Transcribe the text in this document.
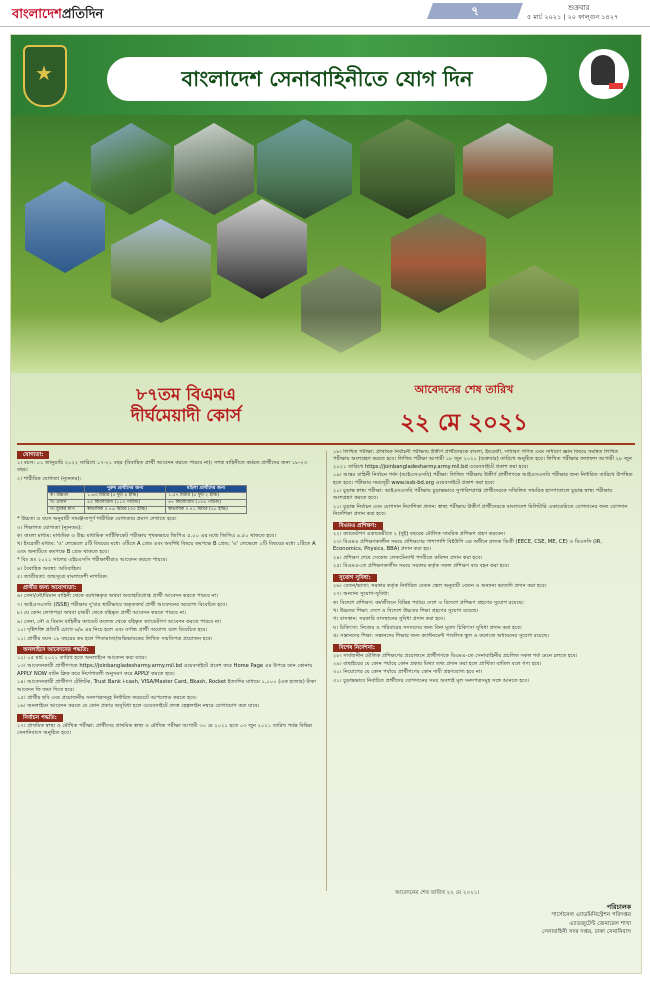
বাংলাদেশপ্রতিদিন	৭	শুক্রবার
৫ মার্চ ২০২১ | ২০ ফাল্গুন ১৪২৭
★
বাংলাদেশ সেনাবাহিনীতে যোগ দিন
৮৭তম বিএমএ
দীর্ঘমেয়াদী কোর্স
আবেদনের শেষ তারিখ
২২ মে ২০২১
যোগ্যতা:
১। বয়স: ০১ জানুয়ারি ২০২২ তারিখে ১৭-২১ বছর (বিবাহিত প্রার্থী আবেদন করতে পারবে না)। সশস্ত্র বাহিনীতে কর্মরত প্রার্থীদের জন্য ১৮-২৩ বছর।
২। শারীরিক যোগ্যতা (ন্যূনতম):
	পুরুষ প্রার্থীদের জন্য	মহিলা প্রার্থীদের জন্য
ক। উচ্চতা	১.৬৩ মিটার (৫ ফুট ৪ ইঞ্চি)	১.৫৭ মিটার (৫ ফুট ২ ইঞ্চি)
খ। ওজন	৫০ কিলোগ্রাম (১১০ পাউন্ড)	৪৭ কিলোগ্রাম (১০৪ পাউন্ড)
গ। বুকের মাপ	স্বাভাবিক ০.৭৬ মিটার (৩০ ইঞ্চি)	স্বাভাবিক ০.৭১ মিটার (২৮ ইঞ্চি)
* উচ্চতা ও বয়স অনুযায়ী সামঞ্জস্যপূর্ণ শারীরিক যোগ্যতার প্রমাণ দেখাতে হবে।
৩। শিক্ষাগত যোগ্যতা (ন্যূনতম):
ক। বাংলা মাধ্যম: মাধ্যমিক ও উচ্চ মাধ্যমিক সার্টিফিকেট পরীক্ষায় পৃথকভাবে জিপিএ ৫.০০ এর মধ্যে জিপিএ ৪.৫০ থাকতে হবে।
খ। ইংরেজী মাধ্যম: 'ও' লেভেলে ৫টি বিষয়ের মধ্যে ৩টিতে A গ্রেড এবং অবশিষ্ট বিষয়ে কমপক্ষে B গ্রেড; 'এ' লেভেলে ২টি বিষয়ের মধ্যে ১টিতে A এবং অন্যটিতে কমপক্ষে B গ্রেড থাকতে হবে।
* বিঃ দ্রঃ ২০২১ সালের এইচএসসি পরীক্ষার্থীরাও আবেদন করতে পারবে।
৪। বৈবাহিক অবস্থা: অবিবাহিত।
৫। জাতীয়তা: জন্মসূত্রে বাংলাদেশী নাগরিক।
প্রার্থীর জন্য অযোগ্যতা:
৬। সেনা/নৌ/বিমান বাহিনী থেকে বরখাস্তকৃত অথবা অব্যাহতিপ্রাপ্ত প্রার্থী আবেদন করতে পারবে না।
৭। আইএসএসবি (ISSB) পরীক্ষায় দু'বার স্থায়ীভাবে অকৃতকার্য প্রার্থী আবেদনের অযোগ্য বিবেচিত হবে।
৮। যে কোন লেখাপড়া অথবা চাকরী থেকে বহিষ্কৃত প্রার্থী আবেদন করতে পারবে না।
৯। সেনা, নৌ ও বিমান বাহিনীর ক্যাডেট কলেজ থেকে বহিষ্কৃত ক্যাডেটগণ আবেদন করতে পারবে না।
১০। দৃষ্টিশক্তি প্রতিটি চোখে ৬/৬ এর নিচে হলে এবং বর্ণান্ধ প্রার্থী অযোগ্য বলে বিবেচিত হবে।
১১। প্রার্থীর বয়স ১৮ বছরের কম হলে পিতামাতা/অভিভাবকের লিখিত সম্মতিপত্র প্রয়োজন হবে।
অনলাইনে আবেদনের পদ্ধতি:
১২। ০৫ মার্চ ২০২১ তারিখ হতে অনলাইনে আবেদন করা যাবে।
১৩। আবেদনকারী প্রার্থীগণকে https://joinbangladesharmy.army.mil.bd ওয়েবসাইটে প্রবেশ করে Home Page এর উপরে ডান কোনায় APPLY NOW বাটন ক্লিক করে নির্দেশাবলী অনুসরণ করে APPLY করতে হবে।
১৪। আবেদনকারী প্রার্থীগণ টেলিটক, Trust Bank i-cash, VISA/Master Card, Bkash, Rocket ইত্যাদির মাধ্যমে ১,০০০ (এক হাজার) টাকা আবেদন ফি জমা দিতে হবে।
১৫। প্রার্থীর ছবি এবং প্রয়োজনীয় সনদপত্রসমূহ নির্ধারিত ফরমেটে আপলোড করতে হবে।
১৬। অনলাইনে আবেদন করতে যে কোন প্রকার অসুবিধা হলে ওয়েবসাইটে প্রদত্ত হেল্পলাইন নম্বরে যোগাযোগ করা যাবে।
নির্বাচন পদ্ধতি:
১৭। প্রাথমিক স্বাস্থ্য ও মৌখিক পরীক্ষা: প্রার্থীদের প্রাথমিক স্বাস্থ্য ও মৌখিক পরীক্ষা আগামী ৩০ মে ২০২১ হতে ০৩ জুন ২০২১ তারিখ পর্যন্ত বিভিন্ন সেনানিবাসে অনুষ্ঠিত হবে।
১৮। লিখিত পরীক্ষা: প্রাথমিক নির্বাচনী পরীক্ষায় উত্তীর্ণ প্রার্থীদেরকে বাংলা, ইংরেজী, সাধারণ গণিত এবং সাধারণ জ্ঞান বিষয়ে সমন্বিত লিখিত পরীক্ষায় অংশগ্রহণ করতে হবে। লিখিত পরীক্ষা আগামী ১৮ জুন ২০২১ (শুক্রবার) তারিখে অনুষ্ঠিত হবে। লিখিত পরীক্ষার ফলাফল আগামী ২৮ জুন ২০২১ তারিখে https://joinbangladesharmy.army.mil.bd ওয়েবসাইটে প্রকাশ করা হবে।
১৯। আন্তঃ বাহিনী নির্বাচন পর্ষদ (আইএসএসবি) পরীক্ষা: লিখিত পরীক্ষায় উত্তীর্ণ প্রার্থীগণকে আইএসএসবি পরীক্ষার জন্য নির্ধারিত তারিখে উপস্থিত হতে হবে। পরীক্ষার সময়সূচী www.issb-bd.org ওয়েবসাইটে প্রকাশ করা হবে।
২০। চূড়ান্ত স্বাস্থ্য পরীক্ষা: আইএসএসবি পরীক্ষায় চূড়ান্তভাবে সুপারিশপ্রাপ্ত প্রার্থীদেরকে সম্মিলিত সামরিক হাসপাতালে চূড়ান্ত স্বাস্থ্য পরীক্ষায় অংশগ্রহণ করতে হবে।
২১। চূড়ান্ত নির্বাচন এবং যোগদান নির্দেশিকা প্রদান: স্বাস্থ্য পরীক্ষায় উত্তীর্ণ প্রার্থীদেরকে বাংলাদেশ মিলিটারি একাডেমিতে যোগদানের জন্য যোগদান নির্দেশিকা প্রদান করা হবে।
বিএমএ প্রশিক্ষণ:
২২। ক্যাডেটগণ একাডেমীতে ২ (দুই) বছরের মৌলিক সামরিক প্রশিক্ষণ গ্রহণ করবেন।
২৩। বিএমএ প্রশিক্ষণকালীন সময়ে প্রশিক্ষণের পাশাপাশি বিইউপি এর অধীনে স্নাতক ডিগ্রী (EECE, CSE, ME, CE) ও বিএসসি (IR, Economics, Physics, BBA) প্রদান করা হয়।
২৪। প্রশিক্ষণ শেষে সেকেন্ড লেফটেন্যান্ট পদবীতে কমিশন প্রদান করা হবে।
২৫। বিএমএ-তে প্রশিক্ষণকালীন সময়ে সরকার কর্তৃক সকল প্রশিক্ষণ ব্যয় বহন করা হবে।
সুযোগ সুবিধা:
২৬। বেতন/ভাতা: সরকার কর্তৃক নির্ধারিত বেতন স্কেল অনুযায়ী বেতন ও অন্যান্য ভাতাদি প্রদান করা হবে।
২৭। অন্যান্য সুযোগ-সুবিধা:
ক। বিদেশে প্রশিক্ষণ: কর্মজীবনে বিভিন্ন পর্যায়ে দেশে ও বিদেশে প্রশিক্ষণ গ্রহণের সুযোগ রয়েছে।
খ। উচ্চতর শিক্ষা: দেশে ও বিদেশে উচ্চতর শিক্ষা গ্রহণের সুযোগ রয়েছে।
গ। বাসস্থান: সরকারি বাসস্থানের সুবিধা প্রদান করা হবে।
ঘ। চিকিৎসা: নিজের ও পরিবারের সদস্যদের জন্য বিনা মূল্যে চিকিৎসা সুবিধা প্রদান করা হবে।
ঙ। সন্তানদের শিক্ষা: সন্তানদের শিক্ষার জন্য ক্যান্টনমেন্ট পাবলিক স্কুল ও কলেজে অধ্যয়নের সুযোগ রয়েছে।
বিশেষ নির্দেশনা:
২৮। সার্বজনীন মৌলিক প্রশিক্ষণের প্রয়োজনে প্রার্থীগণকে বিএমএ-তে সেনাবাহিনীর প্রচলিত সকল শর্ত মেনে চলতে হবে।
২৯। বাছাইয়ের যে কোন পর্যায়ে কোন প্রকার মিথ্যা তথ্য প্রদান করা হলে প্রার্থিতা বাতিল বলে গণ্য হবে।
৩০। নিয়োগের যে কোন পর্যায়ে প্রার্থীগণের কোন দাবী গ্রহণযোগ্য হবে না।
৩১। চূড়ান্তভাবে নির্বাচিত প্রার্থীদের যোগদানের সময় অবশ্যই মূল সনদপত্রসমূহ সঙ্গে আনতে হবে।
আবেদনের শেষ তারিখ ২২ মে ২০২১।
পরিচালক
পার্সোনেল এ্যাডমিনিস্ট্রেশন পরিদপ্তর
এ্যাডজুটেন্ট জেনারেল শাখা
সেনাবাহিনী সদর দপ্তর, ঢাকা সেনানিবাস
